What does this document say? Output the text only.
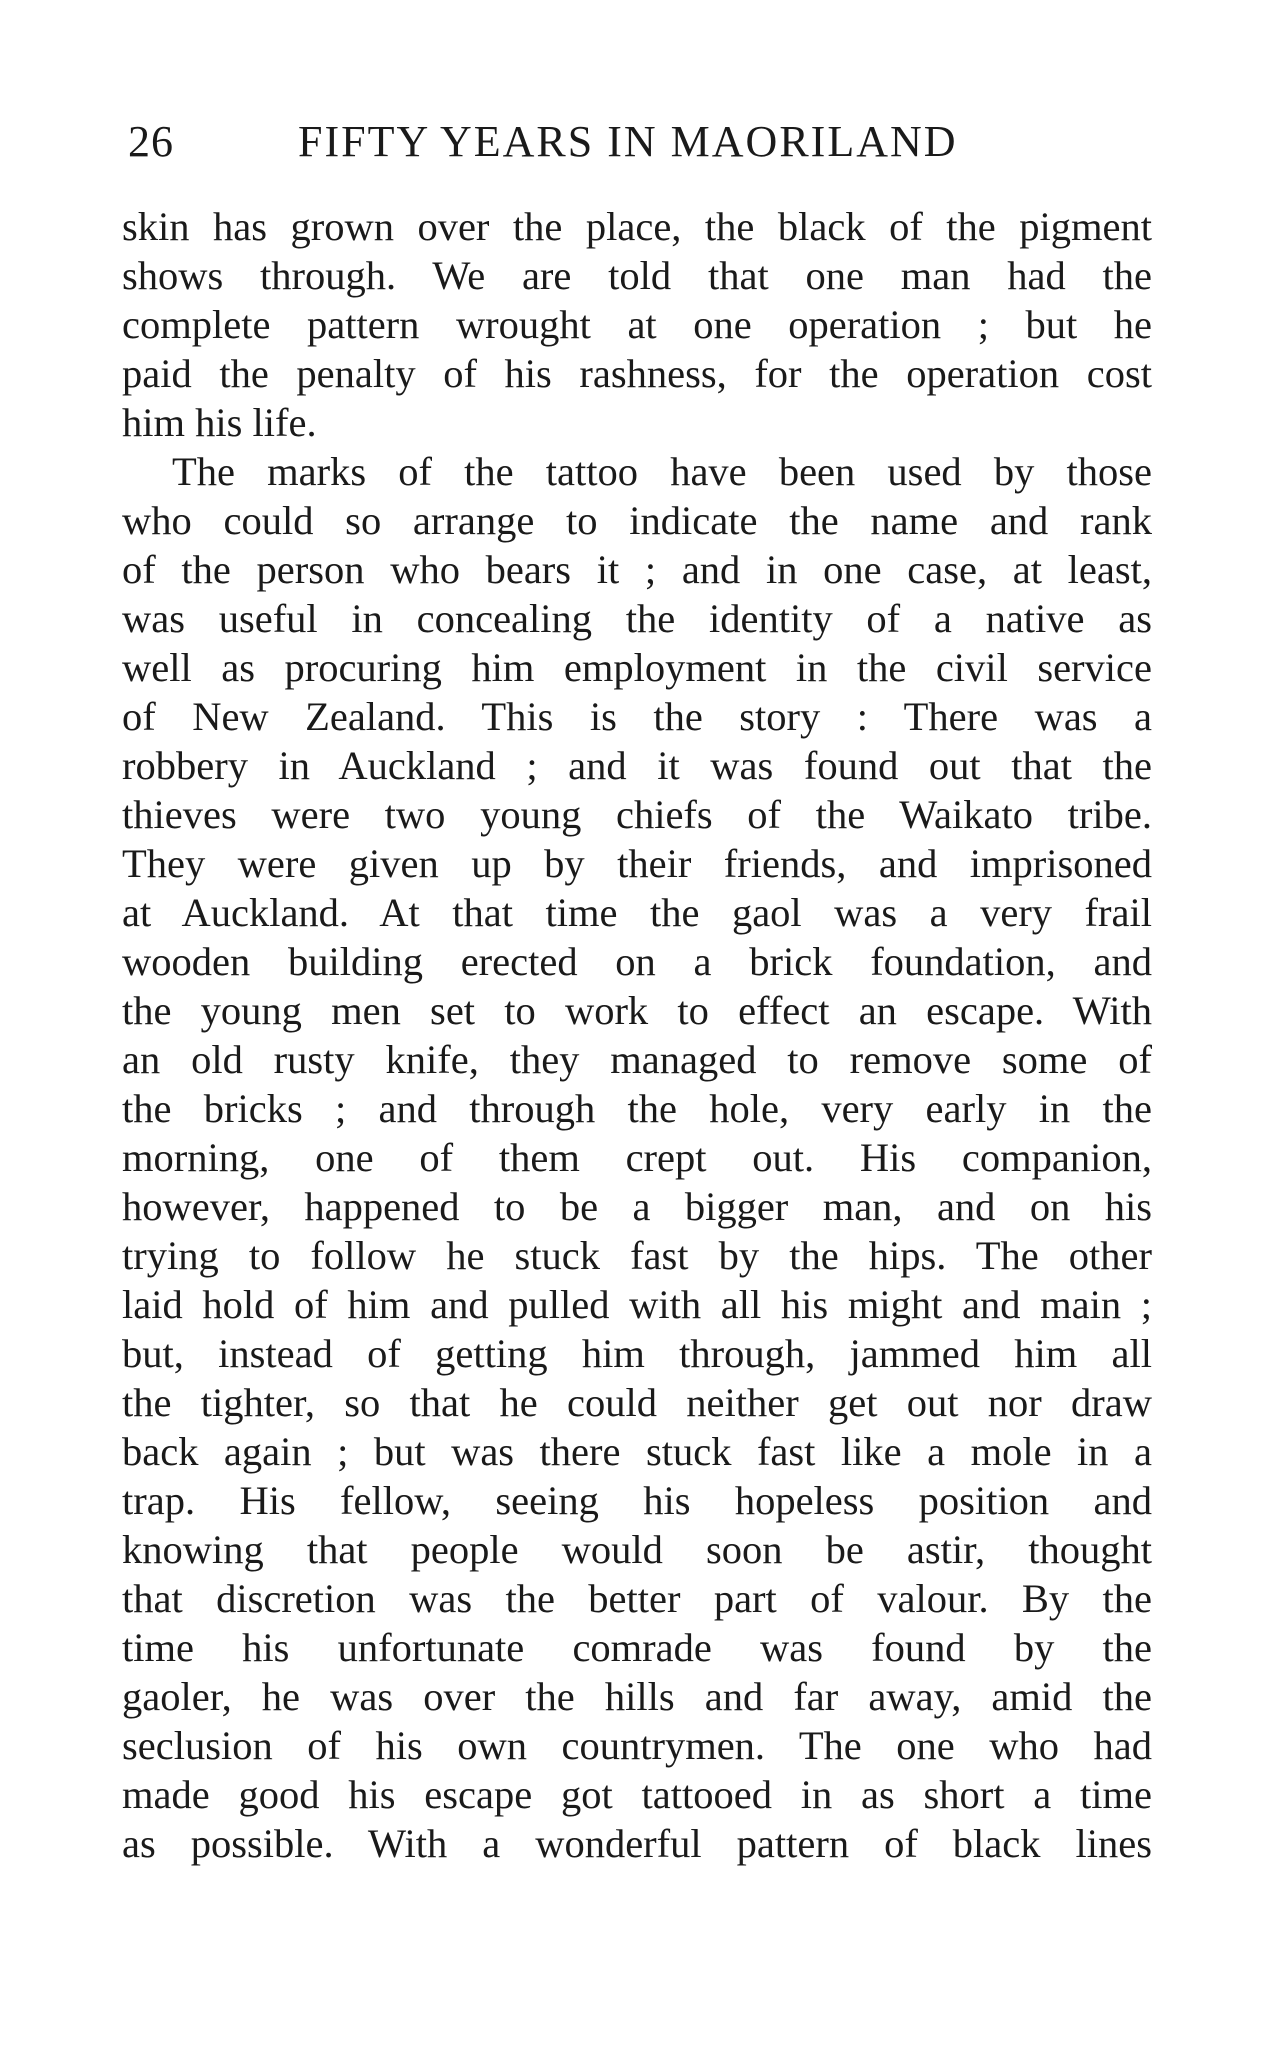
26	FIFTY YEARS IN MAORILAND
skin has grown over the place, the black of the pigment
shows through. We are told that one man had the
complete pattern wrought at one operation ; but he
paid the penalty of his rashness, for the operation cost
him his life.
The marks of the tattoo have been used by those
who could so arrange to indicate the name and rank
of the person who bears it ; and in one case, at least,
was useful in concealing the identity of a native as
well as procuring him employment in the civil service
of New Zealand. This is the story : There was a
robbery in Auckland ; and it was found out that the
thieves were two young chiefs of the Waikato tribe.
They were given up by their friends, and imprisoned
at Auckland. At that time the gaol was a very frail
wooden building erected on a brick foundation, and
the young men set to work to effect an escape. With
an old rusty knife, they managed to remove some of
the bricks ; and through the hole, very early in the
morning, one of them crept out. His companion,
however, happened to be a bigger man, and on his
trying to follow he stuck fast by the hips. The other
laid hold of him and pulled with all his might and main ;
but, instead of getting him through, jammed him all
the tighter, so that he could neither get out nor draw
back again ; but was there stuck fast like a mole in a
trap. His fellow, seeing his hopeless position and
knowing that people would soon be astir, thought
that discretion was the better part of valour. By the
time his unfortunate comrade was found by the
gaoler, he was over the hills and far away, amid the
seclusion of his own countrymen. The one who had
made good his escape got tattooed in as short a time
as possible. With a wonderful pattern of black lines
